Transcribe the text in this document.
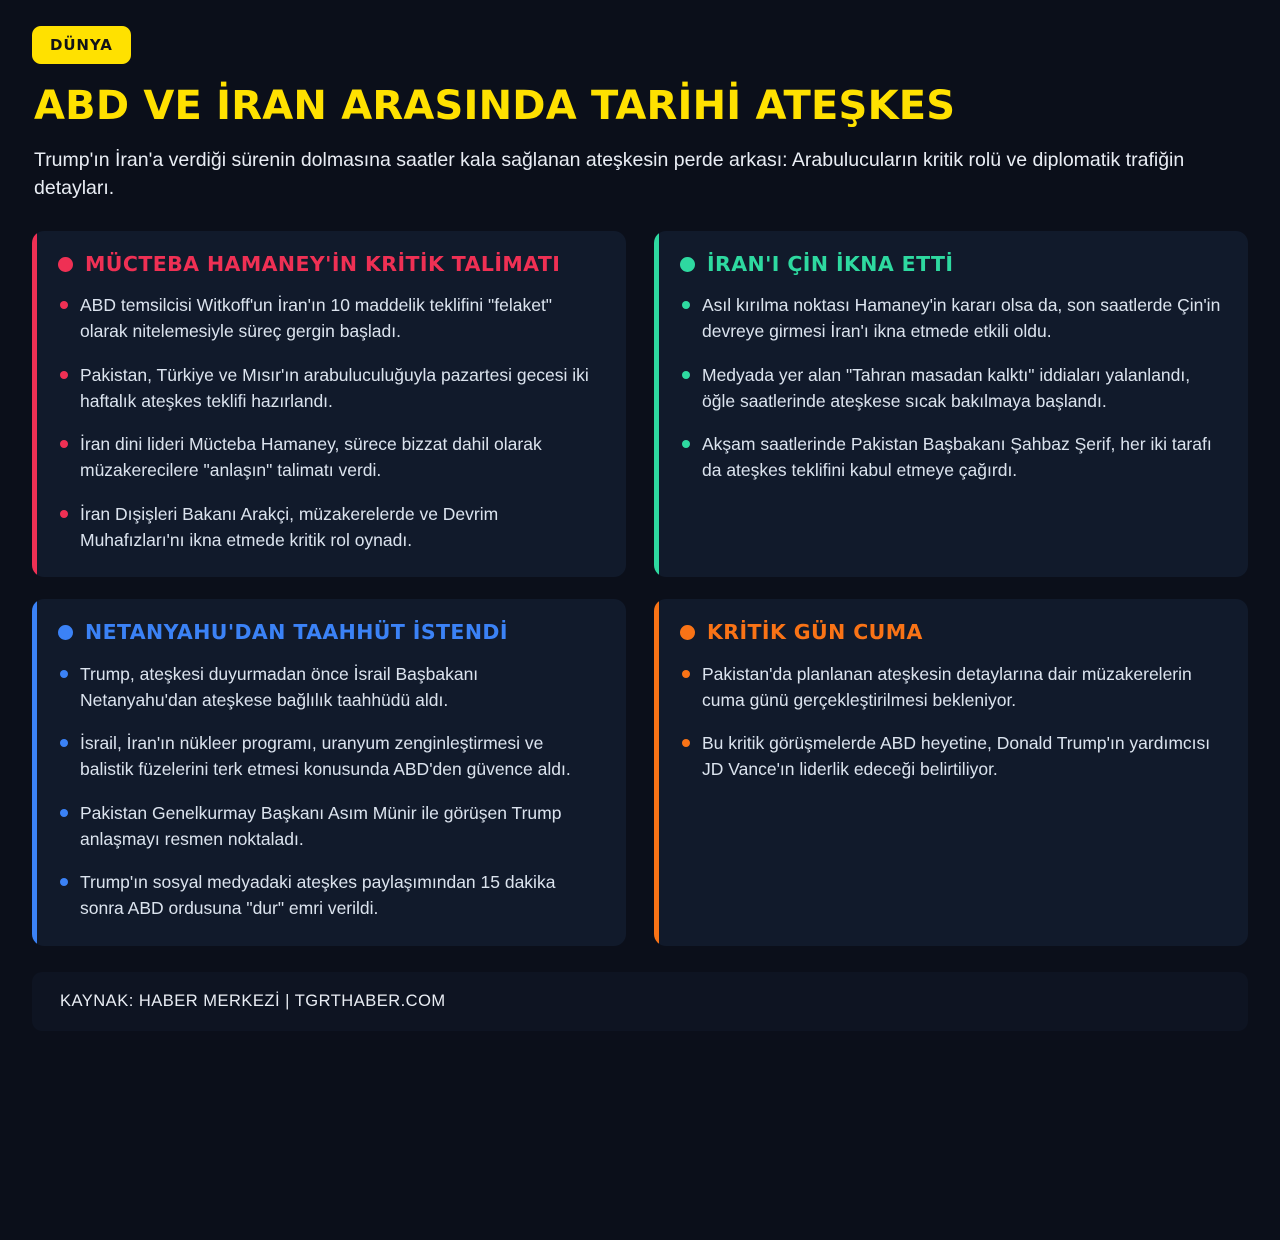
DÜNYA
ABD VE İRAN ARASINDA TARİHİ ATEŞKES

Trump'ın İran'a verdiği sürenin dolmasına saatler kala sağlanan ateşkesin perde arkası: Arabulucuların kritik rolü ve diplomatik trafiğin detayları.

MÜCTEBA HAMANEY'İN KRİTİK TALİMATI
ABD temsilcisi Witkoff'un İran'ın 10 maddelik teklifini "felaket" olarak nitelemesiyle süreç gergin başladı.
Pakistan, Türkiye ve Mısır'ın arabuluculuğuyla pazartesi gecesi iki haftalık ateşkes teklifi hazırlandı.
İran dini lideri Mücteba Hamaney, sürece bizzat dahil olarak müzakerecilere "anlaşın" talimatı verdi.
İran Dışişleri Bakanı Arakçi, müzakerelerde ve Devrim Muhafızları'nı ikna etmede kritik rol oynadı.
İRAN'I ÇİN İKNA ETTİ
Asıl kırılma noktası Hamaney'in kararı olsa da, son saatlerde Çin'in devreye girmesi İran'ı ikna etmede etkili oldu.
Medyada yer alan "Tahran masadan kalktı" iddiaları yalanlandı, öğle saatlerinde ateşkese sıcak bakılmaya başlandı.
Akşam saatlerinde Pakistan Başbakanı Şahbaz Şerif, her iki tarafı da ateşkes teklifini kabul etmeye çağırdı.
NETANYAHU'DAN TAAHHÜT İSTENDİ
Trump, ateşkesi duyurmadan önce İsrail Başbakanı Netanyahu'dan ateşkese bağlılık taahhüdü aldı.
İsrail, İran'ın nükleer programı, uranyum zenginleştirmesi ve balistik füzelerini terk etmesi konusunda ABD'den güvence aldı.
Pakistan Genelkurmay Başkanı Asım Münir ile görüşen Trump anlaşmayı resmen noktaladı.
Trump'ın sosyal medyadaki ateşkes paylaşımından 15 dakika sonra ABD ordusuna "dur" emri verildi.
KRİTİK GÜN CUMA
Pakistan'da planlanan ateşkesin detaylarına dair müzakerelerin cuma günü gerçekleştirilmesi bekleniyor.
Bu kritik görüşmelerde ABD heyetine, Donald Trump'ın yardımcısı JD Vance'ın liderlik edeceği belirtiliyor.
KAYNAK: HABER MERKEZİ | TGRTHABER.COM
